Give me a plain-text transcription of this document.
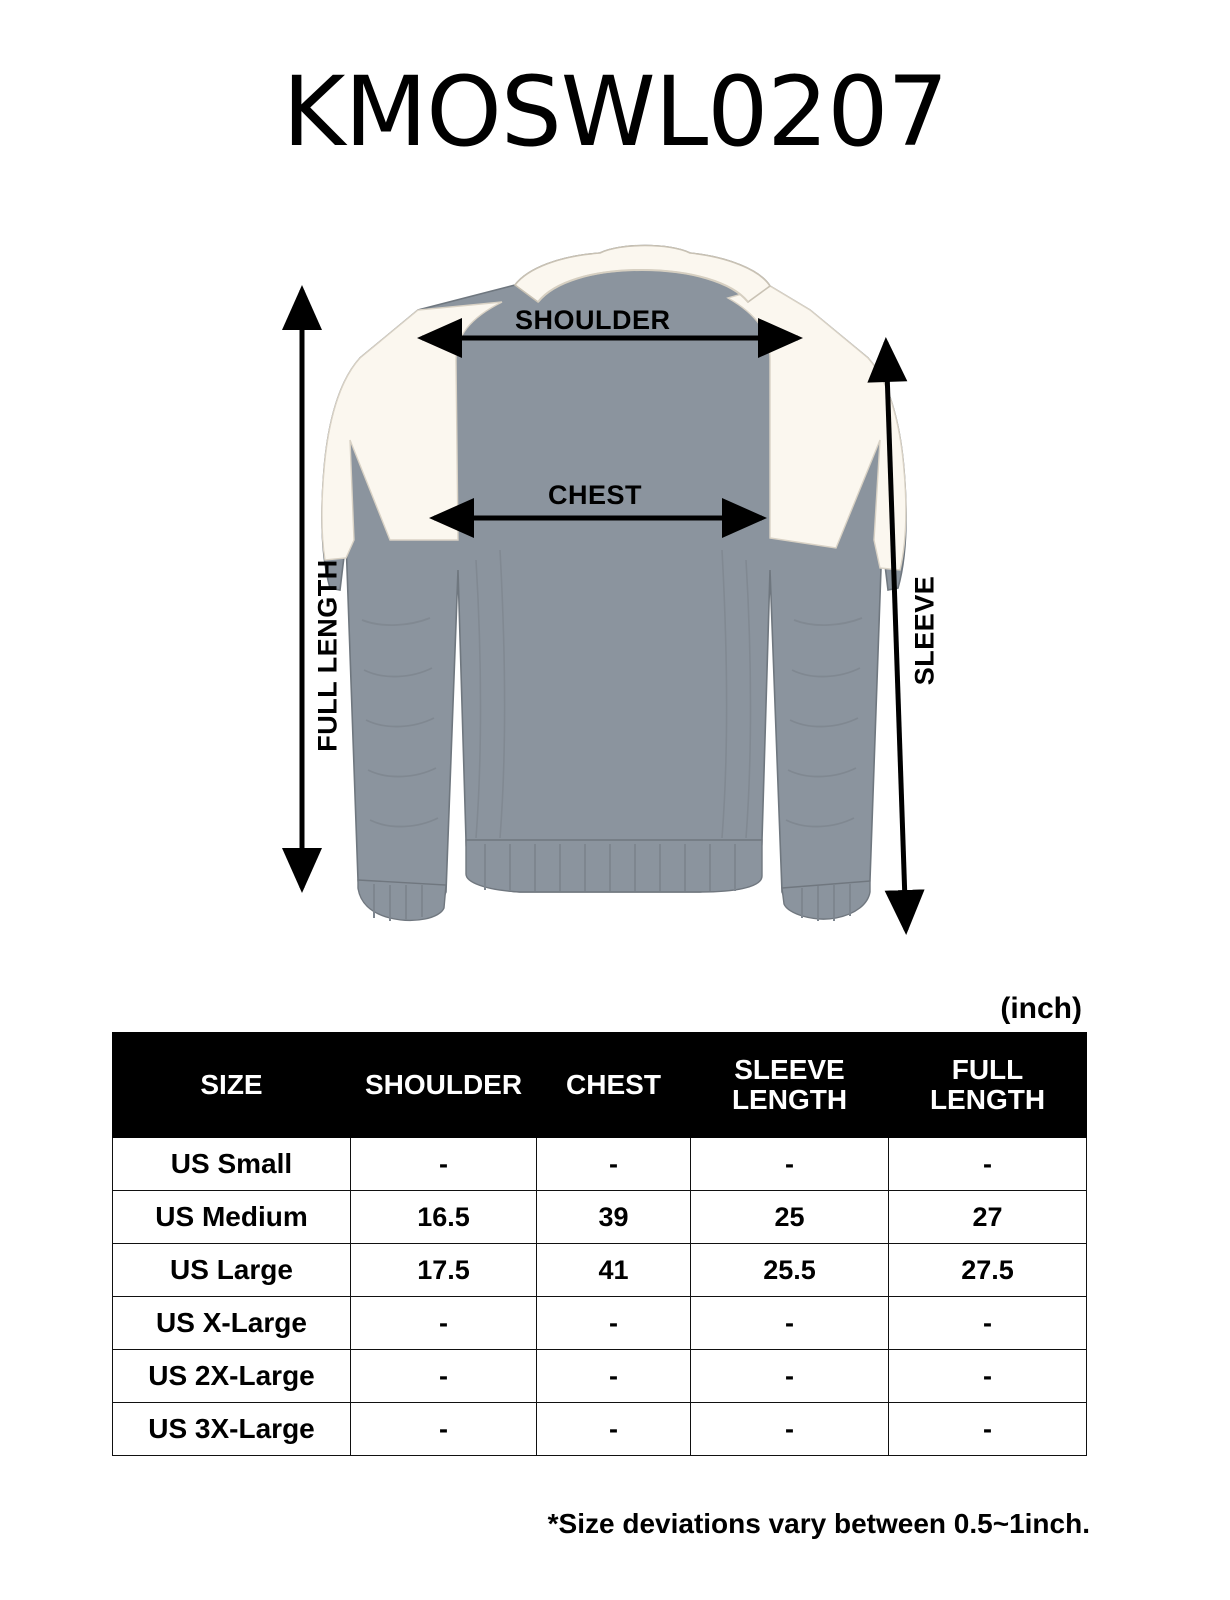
KMOSWL0207
SHOULDER
CHEST
FULL LENGTH	SLEEVE
(inch)
SIZE	SHOULDER	CHEST	SLEEVE LENGTH	FULL LENGTH
US Small	-	-	-	-
US Medium	16.5	39	25	27
US Large	17.5	41	25.5	27.5
US X-Large	-	-	-	-
US 2X-Large	-	-	-	-
US 3X-Large	-	-	-	-
*Size deviations vary between 0.5~1inch.
